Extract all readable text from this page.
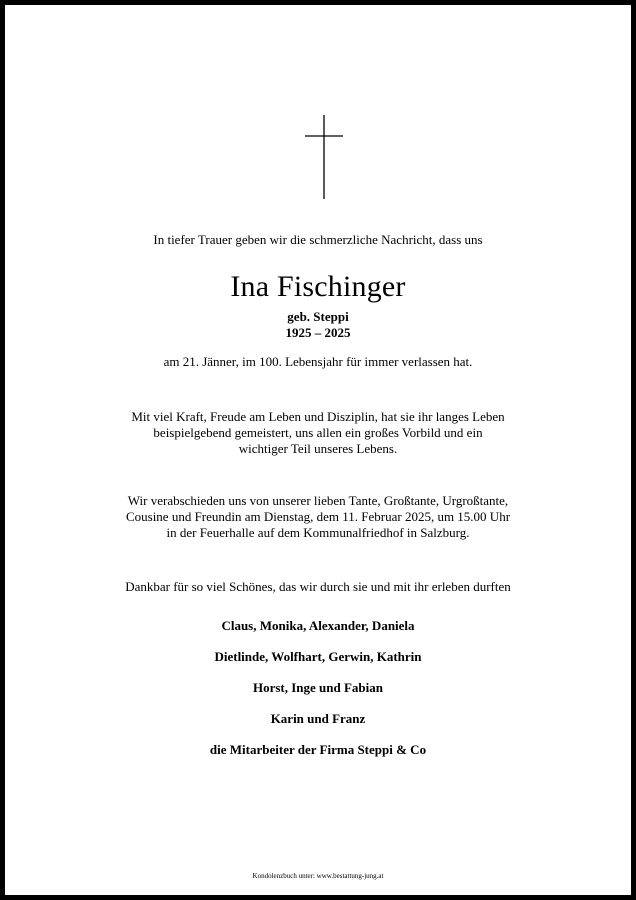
In tiefer Trauer geben wir die schmerzliche Nachricht, dass uns
Ina Fischinger
geb. Steppi
1925 – 2025
am 21. Jänner, im 100. Lebensjahr für immer verlassen hat.
Mit viel Kraft, Freude am Leben und Disziplin, hat sie ihr langes Leben
beispielgebend gemeistert, uns allen ein großes Vorbild und ein
wichtiger Teil unseres Lebens.
Wir verabschieden uns von unserer lieben Tante, Großtante, Urgroßtante,
Cousine und Freundin am Dienstag, dem 11. Februar 2025, um 15.00 Uhr
in der Feuerhalle auf dem Kommunalfriedhof in Salzburg.
Dankbar für so viel Schönes, das wir durch sie und mit ihr erleben durften
Claus, Monika, Alexander, Daniela
Dietlinde, Wolfhart, Gerwin, Kathrin
Horst, Inge und Fabian
Karin und Franz
die Mitarbeiter der Firma Steppi & Co
Kondolenzbuch unter: www.bestattung-jung.at
